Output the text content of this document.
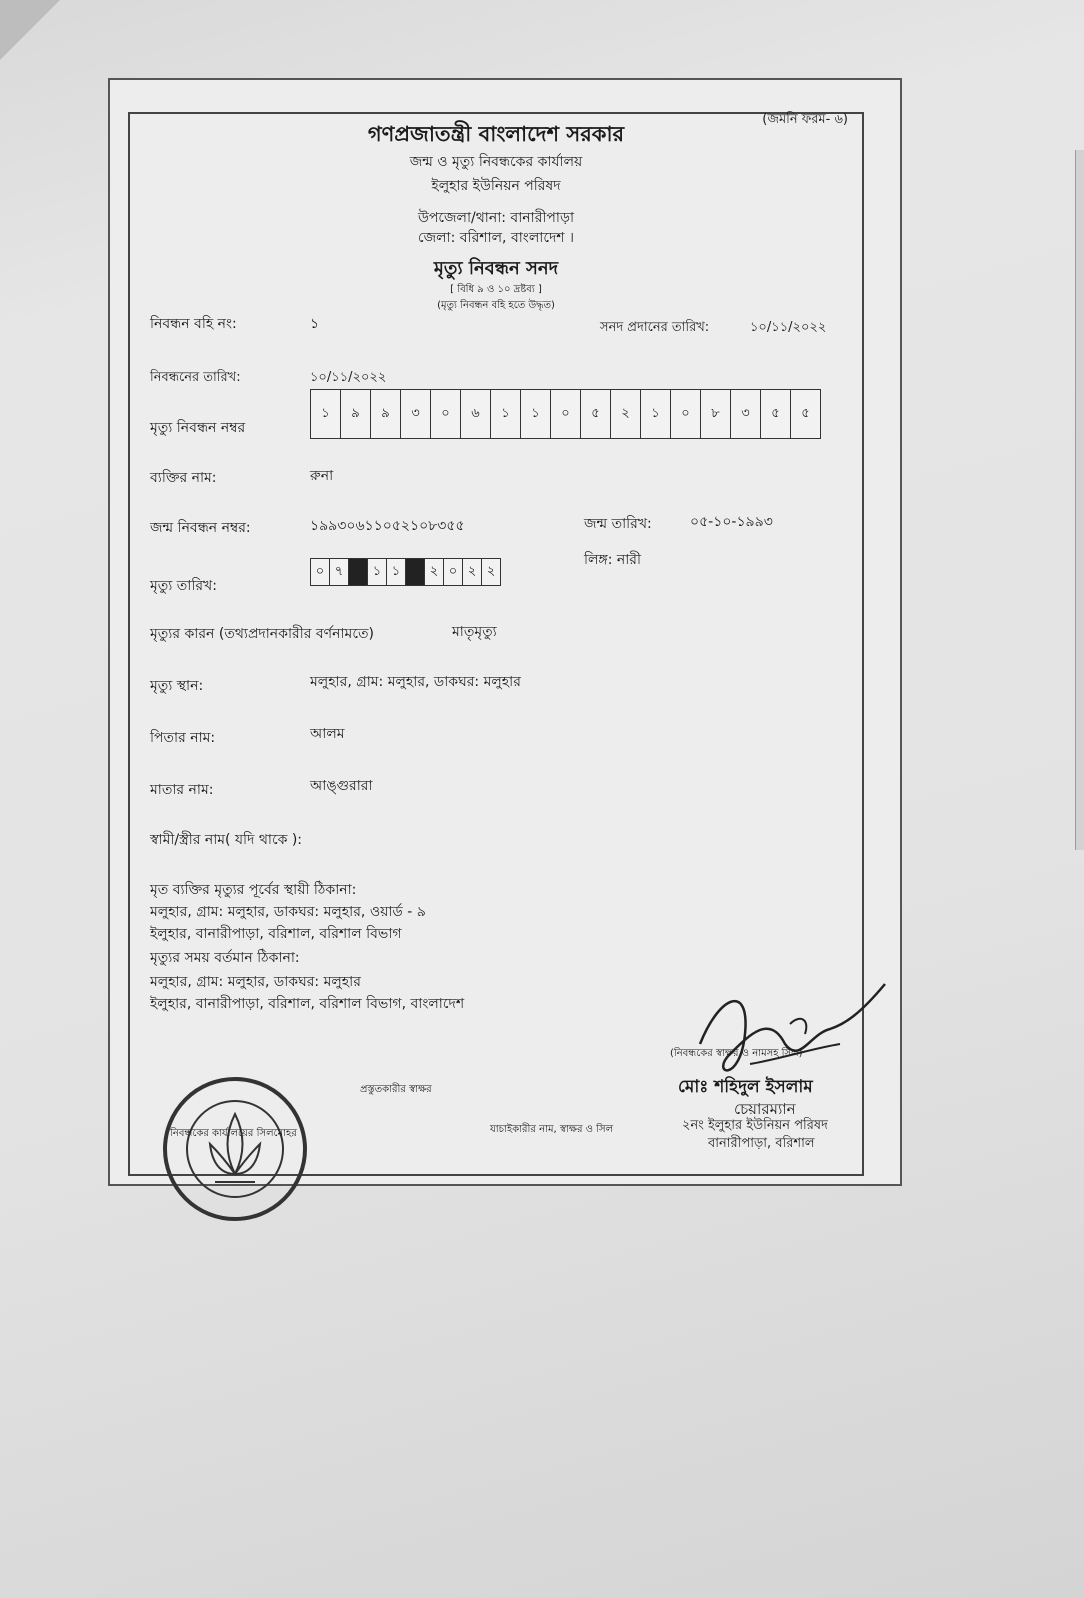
(জমনি ফরম- ৬)
গণপ্রজাতন্ত্রী বাংলাদেশ সরকার
জন্ম ও মৃত্যু নিবন্ধকের কার্যালয়
ইলুহার ইউনিয়ন পরিষদ
উপজেলা/থানা: বানারীপাড়া
জেলা: বরিশাল, বাংলাদেশ ।
মৃত্যু নিবন্ধন সনদ
[ বিধি ৯ ও ১০ দ্রষ্টব্য ]
(মৃত্যু নিবন্ধন বহি হতে উদ্ধৃত)
নিবন্ধন বহি নং:	১	সনদ প্রদানের তারিখ:	১০/১১/২০২২
নিবন্ধনের তারিখ:	১০/১১/২০২২
মৃত্যু নিবন্ধন নম্বর
১	৯	৯	৩	০	৬	১	১	০	৫	২	১	০	৮	৩	৫	৫
ব্যক্তির নাম:	রুনা
জন্ম নিবন্ধন নম্বর:	১৯৯৩০৬১১০৫২১০৮৩৫৫	জন্ম তারিখ:	০৫-১০-১৯৯৩
লিঙ্গ: নারী
মৃত্যু তারিখ:
০ ৭	১ ১	২ ০ ২ ২
মৃত্যুর কারন (তথ্যপ্রদানকারীর বর্ণনামতে)	মাতৃমৃত্যু
মৃত্যু স্থান:	মলুহার, গ্রাম: মলুহার, ডাকঘর: মলুহার
পিতার নাম:	আলম
মাতার নাম:	আঙ্গুরারা
স্বামী/স্ত্রীর নাম( যদি থাকে ):
মৃত ব্যক্তির মৃত্যুর পূর্বের স্থায়ী ঠিকানা:
মলুহার, গ্রাম: মলুহার, ডাকঘর: মলুহার, ওয়ার্ড - ৯
ইলুহার, বানারীপাড়া, বরিশাল, বরিশাল বিভাগ
মৃত্যুর সময় বর্তমান ঠিকানা:
মলুহার, গ্রাম: মলুহার, ডাকঘর: মলুহার
ইলুহার, বানারীপাড়া, বরিশাল, বরিশাল বিভাগ, বাংলাদেশ
(নিবন্ধকের স্বাক্ষর ও নামসহ সিল)
প্রস্তুতকারীর স্বাক্ষর
নিবন্ধকের কার্যালয়ের সিলমোহর	যাচাইকারীর নাম, স্বাক্ষর ও সিল
মোঃ শহিদুল ইসলাম
চেয়ারম্যান
২নং ইলুহার ইউনিয়ন পরিষদ
বানারীপাড়া, বরিশাল
